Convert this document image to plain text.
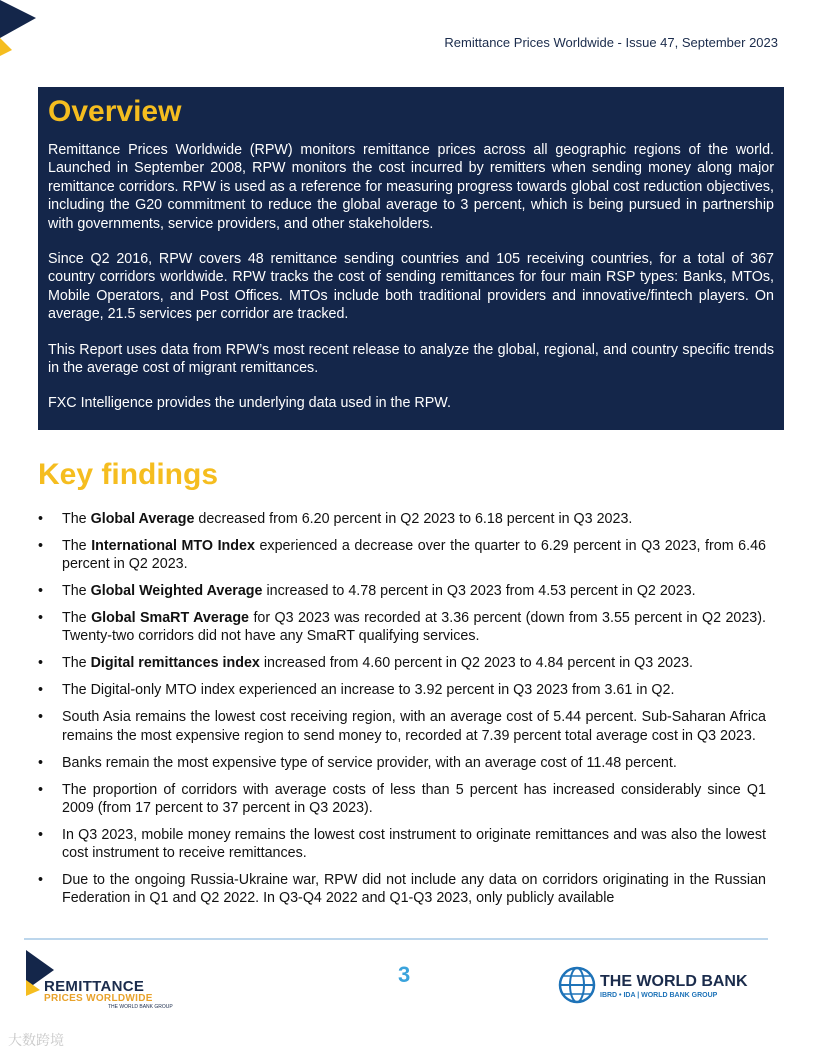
Remittance Prices Worldwide - Issue 47, September 2023
Overview

Remittance Prices Worldwide (RPW) monitors remittance prices across all geographic regions of the world. Launched in September 2008, RPW monitors the cost incurred by remitters when sending money along major remittance corridors. RPW is used as a reference for measuring progress towards global cost reduction objectives, including the G20 commitment to reduce the global average to 3 percent, which is being pursued in partnership with governments, service providers, and other stakeholders.

Since Q2 2016, RPW covers 48 remittance sending countries and 105 receiving countries, for a total of 367 country corridors worldwide. RPW tracks the cost of sending remittances for four main RSP types: Banks, MTOs, Mobile Operators, and Post Offices. MTOs include both traditional providers and innovative/fintech players. On average, 21.5 services per corridor are tracked.

This Report uses data from RPW’s most recent release to analyze the global, regional, and country specific trends in the average cost of migrant remittances.

FXC Intelligence provides the underlying data used in the RPW.

Key findings
• The Global Average decreased from 6.20 percent in Q2 2023 to 6.18 percent in Q3 2023.
• The International MTO Index experienced a decrease over the quarter to 6.29 percent in Q3 2023, from 6.46 percent in Q2 2023.
• The Global Weighted Average increased to 4.78 percent in Q3 2023 from 4.53 percent in Q2 2023.
• The Global SmaRT Average for Q3 2023 was recorded at 3.36 percent (down from 3.55 percent in Q2 2023). Twenty-two corridors did not have any SmaRT qualifying services.
• The Digital remittances index increased from 4.60 percent in Q2 2023 to 4.84 percent in Q3 2023.
• The Digital-only MTO index experienced an increase to 3.92 percent in Q3 2023 from 3.61 in Q2.
• South Asia remains the lowest cost receiving region, with an average cost of 5.44 percent. Sub-Saharan Africa remains the most expensive region to send money to, recorded at 7.39 percent total average cost in Q3 2023.
• Banks remain the most expensive type of service provider, with an average cost of 11.48 percent.
• The proportion of corridors with average costs of less than 5 percent has increased considerably since Q1 2009 (from 17 percent to 37 percent in Q3 2023).
• In Q3 2023, mobile money remains the lowest cost instrument to originate remittances and was also the lowest cost instrument to receive remittances.
• Due to the ongoing Russia-Ukraine war, RPW did not include any data on corridors originating in the Russian Federation in Q1 and Q2 2022. In Q3-Q4 2022 and Q1-Q3 2023, only publicly available
REMITTANCE
PRICES WORLDWIDE
THE WORLD BANK GROUP
3	THE WORLD BANK
IBRD • IDA | WORLD BANK GROUP
大数跨境
